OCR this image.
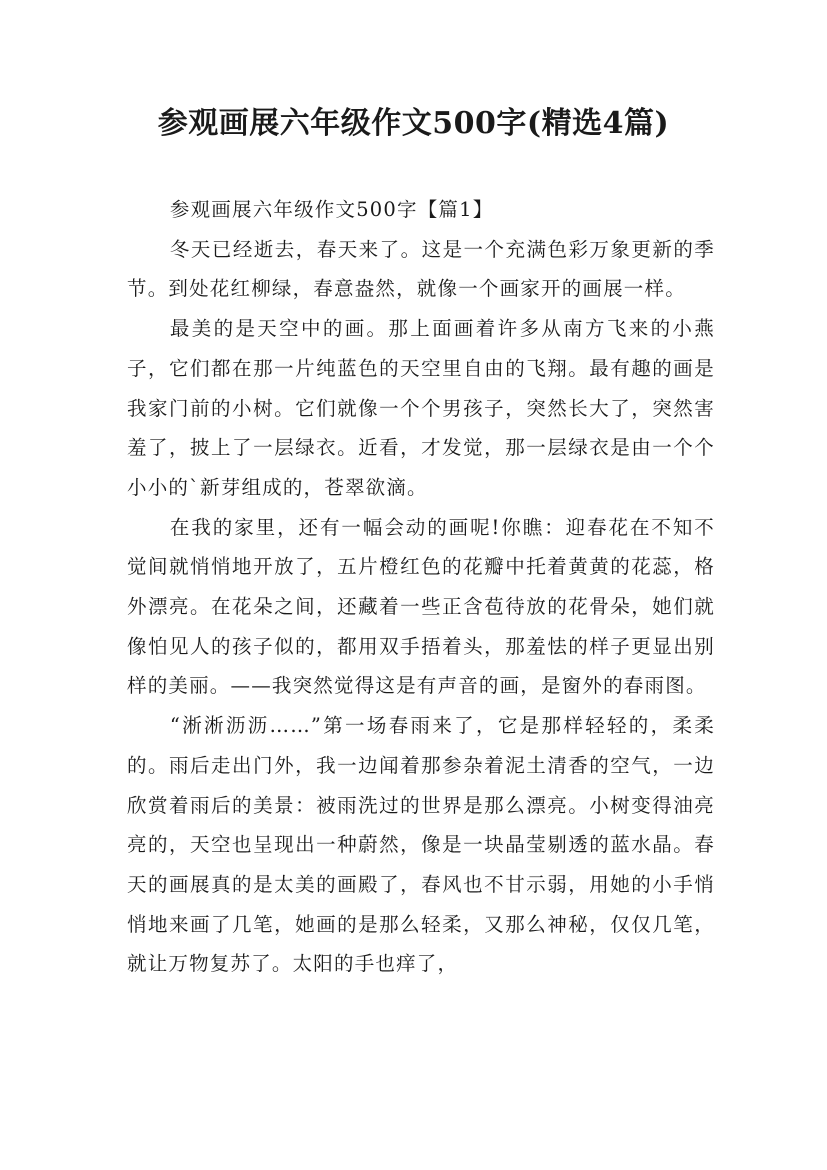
参观画展六年级作文500字(精选4篇)

参观画展六年级作文500字【篇1】

冬天已经逝去，春天来了。这是一个充满色彩万象更新的季节。到处花红柳绿，春意盎然，就像一个画家开的画展一样。

最美的是天空中的画。那上面画着许多从南方飞来的小燕子，它们都在那一片纯蓝色的天空里自由的飞翔。最有趣的画是我家门前的小树。它们就像一个个男孩子，突然长大了，突然害羞了，披上了一层绿衣。近看，才发觉，那一层绿衣是由一个个小小的`新芽组成的，苍翠欲滴。

在我的家里，还有一幅会动的画呢!你瞧：迎春花在不知不觉间就悄悄地开放了，五片橙红色的花瓣中托着黄黄的花蕊，格外漂亮。在花朵之间，还藏着一些正含苞待放的花骨朵，她们就像怕见人的孩子似的，都用双手捂着头，那羞怯的样子更显出别样的美丽。——我突然觉得这是有声音的画，是窗外的春雨图。

“淅淅沥沥……”第一场春雨来了，它是那样轻轻的，柔柔的。雨后走出门外，我一边闻着那参杂着泥土清香的空气，一边欣赏着雨后的美景：被雨洗过的世界是那么漂亮。小树变得油亮亮的，天空也呈现出一种蔚然，像是一块晶莹剔透的蓝水晶。春天的画展真的是太美的画殿了，春风也不甘示弱，用她的小手悄悄地来画了几笔，她画的是那么轻柔，又那么神秘，仅仅几笔，就让万物复苏了。太阳的手也痒了，
